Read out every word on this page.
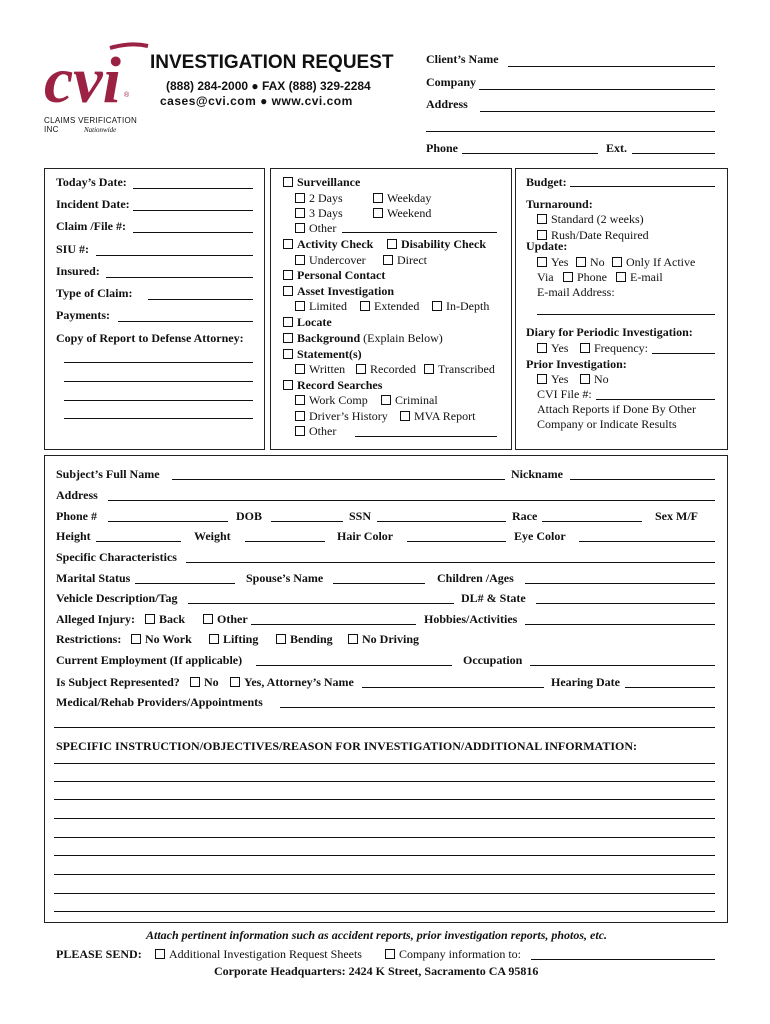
cvi ®
CLAIMS VERIFICATION INC	Nationwide
INVESTIGATION REQUEST
(888) 284-2000 ● FAX (888) 329-2284
cases@cvi.com ● www.cvi.com
Client’s Name
Company
Address
Phone	Ext.
Today’s Date:
Incident Date:
Claim /File #:
SIU #:
Insured:
Type of Claim:
Payments:
Copy of Report to Defense Attorney:
Surveillance
2 Days	Weekday
3 Days	Weekend
Other
Activity Check	Disability Check
Undercover	Direct
Personal Contact
Asset Investigation
Limited	Extended	In-Depth
Locate
Background (Explain Below)
Statement(s)
Written	Recorded	Transcribed
Record Searches
Work Comp	Criminal
Driver’s History	MVA Report
Other
Budget:
Turnaround:
Standard (2 weeks)
Rush/Date Required
Update:
Yes	No	Only If Active
Via	Phone	E-mail
E-mail Address:
Diary for Periodic Investigation:
Yes	Frequency:
Prior Investigation:
Yes	No
CVI File #:
Attach Reports if Done By Other
Company or Indicate Results
Subject’s Full Name	Nickname
Address
Phone #	DOB	SSN	Race	Sex M/F
Height	Weight	Hair Color	Eye Color
Specific Characteristics
Marital Status	Spouse’s Name	Children /Ages
Vehicle Description/Tag	DL# & State
Alleged Injury:	Back	Other	Hobbies/Activities
Restrictions:	No Work	Lifting	Bending	No Driving
Current Employment (If applicable)	Occupation
Is Subject Represented?	No	Yes, Attorney’s Name	Hearing Date
Medical/Rehab Providers/Appointments
SPECIFIC INSTRUCTION/OBJECTIVES/REASON FOR INVESTIGATION/ADDITIONAL INFORMATION:
Attach pertinent information such as accident reports, prior investigation reports, photos, etc.
PLEASE SEND:	Additional Investigation Request Sheets	Company information to:
Corporate Headquarters: 2424 K Street, Sacramento CA 95816
